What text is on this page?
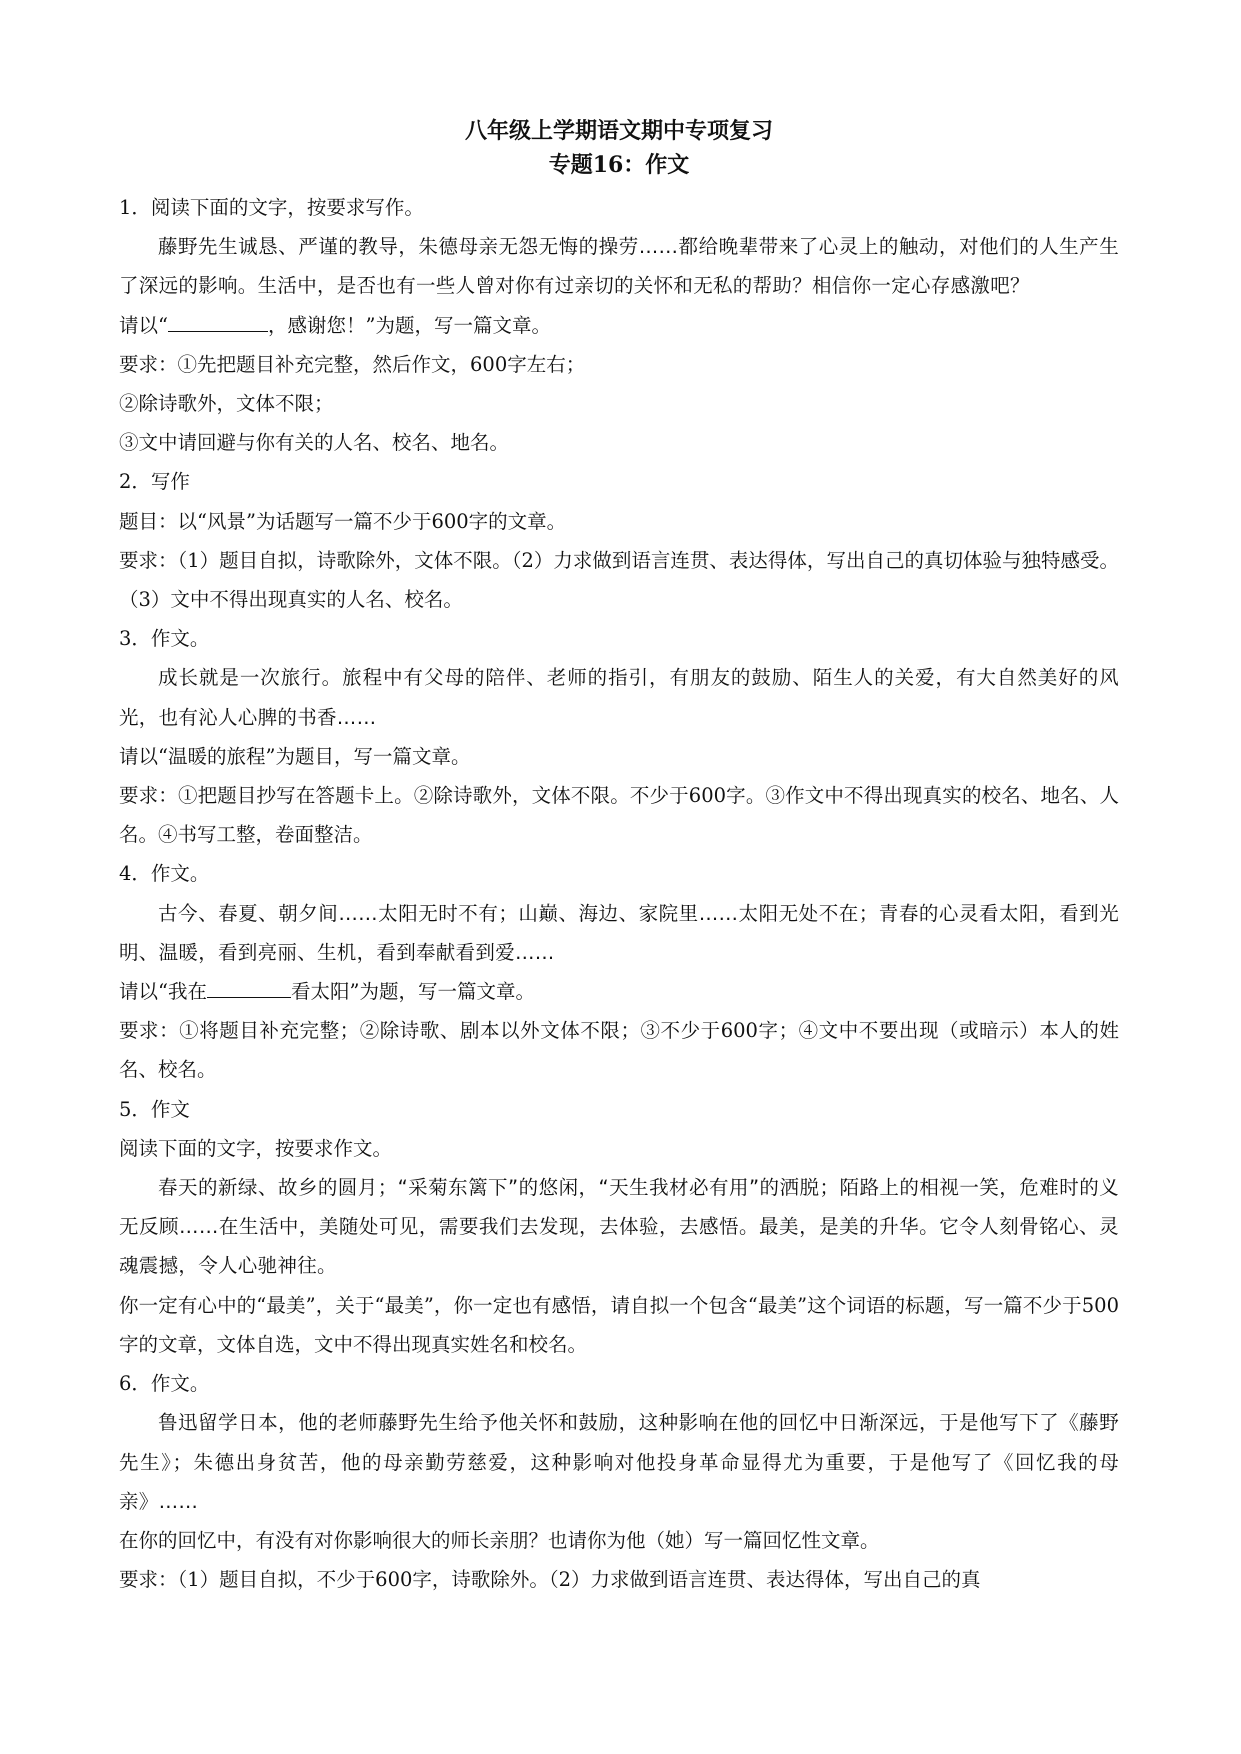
八年级上学期语文期中专项复习

专题16：作文

1．阅读下面的文字，按要求写作。

藤野先生诚恳、严谨的教导，朱德母亲无怨无悔的操劳……都给晚辈带来了心灵上的触动，对他们的人生产生了深远的影响。生活中，是否也有一些人曾对你有过亲切的关怀和无私的帮助？相信你一定心存感激吧？

请以“	，感谢您！”为题，写一篇文章。

要求：①先把题目补充完整，然后作文，600字左右；

②除诗歌外，文体不限；

③文中请回避与你有关的人名、校名、地名。

2．写作

题目：以“风景”为话题写一篇不少于600字的文章。

要求：（1）题目自拟，诗歌除外，文体不限。（2）力求做到语言连贯、表达得体，写出自己的真切体验与独特感受。（3）文中不得出现真实的人名、校名。

3．作文。

成长就是一次旅行。旅程中有父母的陪伴、老师的指引，有朋友的鼓励、陌生人的关爱，有大自然美好的风光，也有沁人心脾的书香……

请以“温暖的旅程”为题目，写一篇文章。

要求：①把题目抄写在答题卡上。②除诗歌外，文体不限。不少于600字。③作文中不得出现真实的校名、地名、人名。④书写工整，卷面整洁。

4．作文。

古今、春夏、朝夕间……太阳无时不有；山巅、海边、家院里……太阳无处不在；青春的心灵看太阳，看到光明、温暖，看到亮丽、生机，看到奉献看到爱……

请以“我在	看太阳”为题，写一篇文章。

要求：①将题目补充完整；②除诗歌、剧本以外文体不限；③不少于600字；④文中不要出现（或暗示）本人的姓名、校名。

5．作文

阅读下面的文字，按要求作文。

春天的新绿、故乡的圆月；“采菊东篱下”的悠闲，“天生我材必有用”的洒脱；陌路上的相视一笑，危难时的义无反顾……在生活中，美随处可见，需要我们去发现，去体验，去感悟。最美，是美的升华。它令人刻骨铭心、灵魂震撼，令人心驰神往。

你一定有心中的“最美”，关于“最美”，你一定也有感悟，请自拟一个包含“最美”这个词语的标题，写一篇不少于500字的文章，文体自选，文中不得出现真实姓名和校名。

6．作文。

鲁迅留学日本，他的老师藤野先生给予他关怀和鼓励，这种影响在他的回忆中日渐深远，于是他写下了《藤野先生》；朱德出身贫苦，他的母亲勤劳慈爱，这种影响对他投身革命显得尤为重要，于是他写了《回忆我的母亲》……

在你的回忆中，有没有对你影响很大的师长亲朋？也请你为他（她）写一篇回忆性文章。

要求：（1）题目自拟，不少于600字，诗歌除外。（2）力求做到语言连贯、表达得体，写出自己的真
